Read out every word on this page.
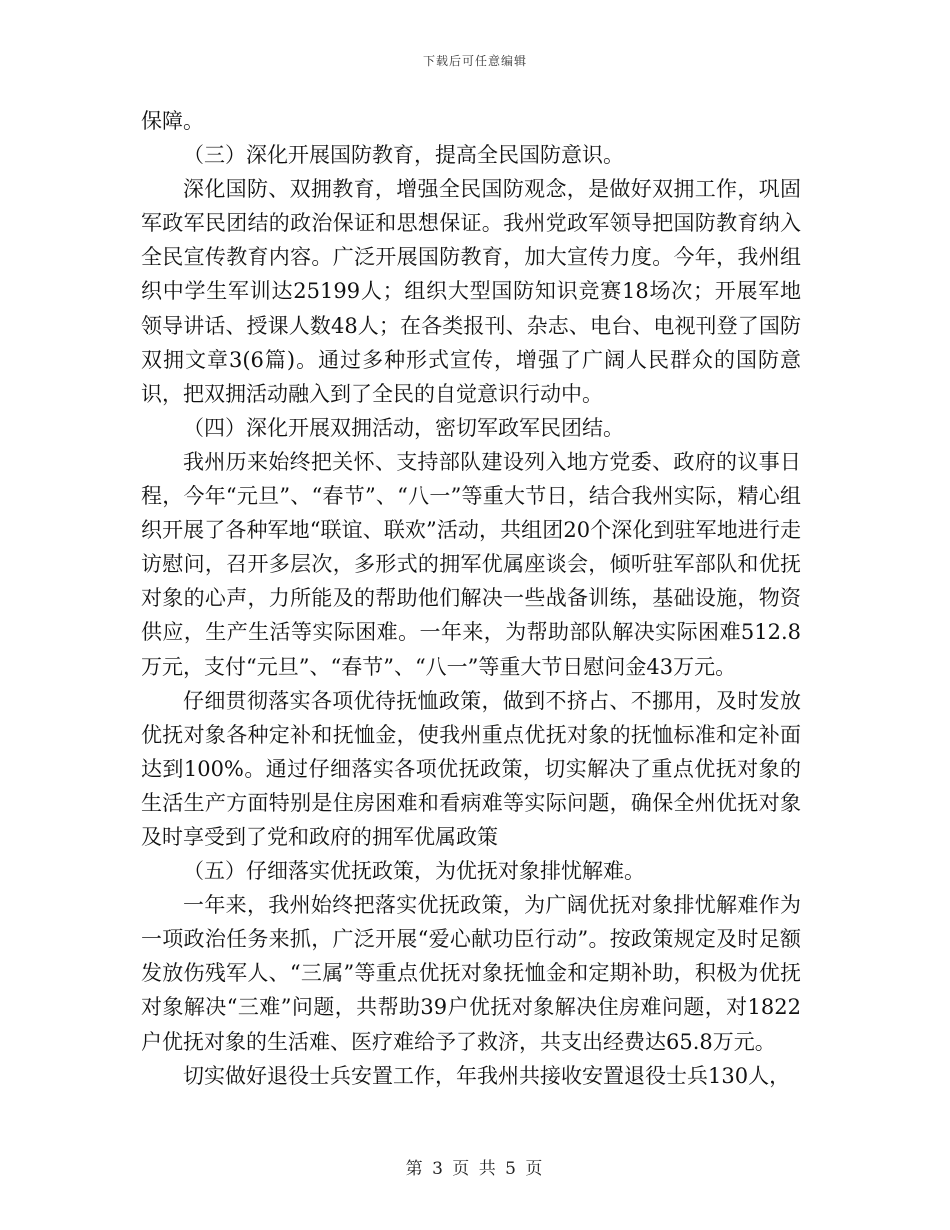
下载后可任意编辑

保障。

（三）深化开展国防教育，提高全民国防意识。

深化国防、双拥教育，增强全民国防观念，是做好双拥工作，巩固军政军民团结的政治保证和思想保证。我州党政军领导把国防教育纳入全民宣传教育内容。广泛开展国防教育，加大宣传力度。今年，我州组织中学生军训达25199人；组织大型国防知识竞赛18场次；开展军地领导讲话、授课人数48人；在各类报刊、杂志、电台、电视刊登了国防双拥文章3(6篇)。通过多种形式宣传，增强了广阔人民群众的国防意识，把双拥活动融入到了全民的自觉意识行动中。

（四）深化开展双拥活动，密切军政军民团结。

我州历来始终把关怀、支持部队建设列入地方党委、政府的议事日程，今年“元旦”、“春节”、“八一”等重大节日，结合我州实际，精心组织开展了各种军地“联谊、联欢”活动，共组团20个深化到驻军地进行走访慰问，召开多层次，多形式的拥军优属座谈会，倾听驻军部队和优抚对象的心声，力所能及的帮助他们解决一些战备训练，基础设施，物资供应，生产生活等实际困难。一年来，为帮助部队解决实际困难512.8万元，支付“元旦”、“春节”、“八一”等重大节日慰问金43万元。

仔细贯彻落实各项优待抚恤政策，做到不挤占、不挪用，及时发放优抚对象各种定补和抚恤金，使我州重点优抚对象的抚恤标准和定补面达到100%。通过仔细落实各项优抚政策，切实解决了重点优抚对象的生活生产方面特别是住房困难和看病难等实际问题，确保全州优抚对象及时享受到了党和政府的拥军优属政策

（五）仔细落实优抚政策，为优抚对象排忧解难。

一年来，我州始终把落实优抚政策，为广阔优抚对象排忧解难作为一项政治任务来抓，广泛开展“爱心献功臣行动”。按政策规定及时足额发放伤残军人、“三属”等重点优抚对象抚恤金和定期补助，积极为优抚对象解决“三难”问题，共帮助39户优抚对象解决住房难问题，对1822户优抚对象的生活难、医疗难给予了救济，共支出经费达65.8万元。

切实做好退役士兵安置工作，年我州共接收安置退役士兵130人，

第 3 页 共 5 页
